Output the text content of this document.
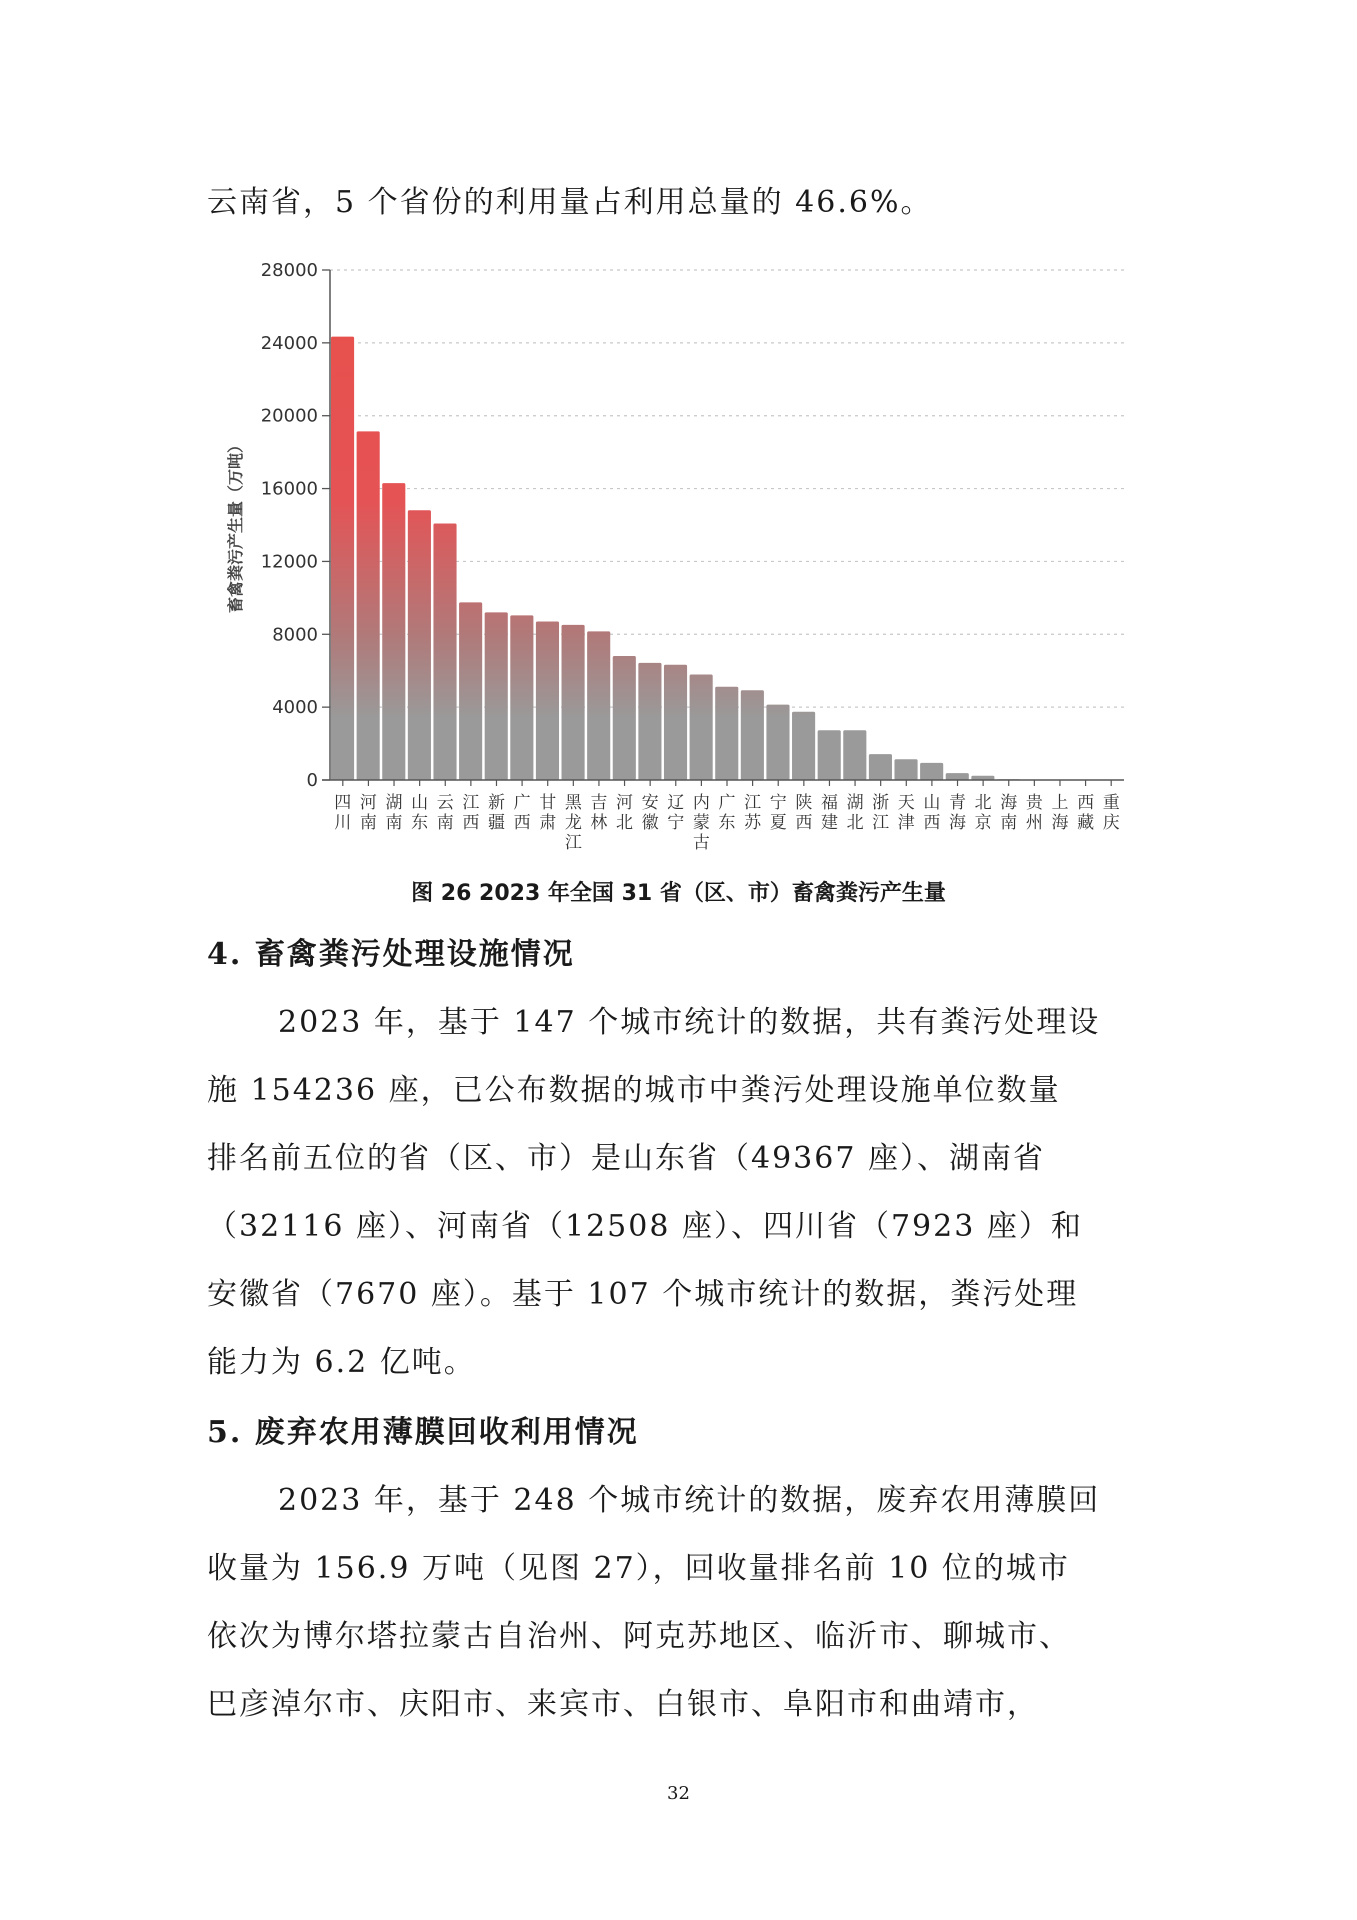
云南省，5 个省份的利用量占利用总量的 46.6%。
0
4000
8000
12000
16000
20000
24000
28000
四
川
河
南
湖
南
山
东
云
南
江
西
新
疆
广
西
甘
肃
黑
龙
江
吉
林
河
北
安
徽
辽
宁
内
蒙
古
广
东
江
苏
宁
夏
陕
西
福
建
湖
北
浙
江
天
津
山
西
青
海
北
京
海
南
贵
州
上
海
西
藏
重
庆
畜禽粪污产生量（万吨）
图 26 2023 年全国 31 省（区、市）畜禽粪污产生量
4. 畜禽粪污处理设施情况
2023 年，基于 147 个城市统计的数据，共有粪污处理设
施 154236 座，已公布数据的城市中粪污处理设施单位数量
排名前五位的省（区、市）是山东省（49367 座）、湖南省
（32116 座）、河南省（12508 座）、四川省（7923 座）和
安徽省（7670 座）。基于 107 个城市统计的数据，粪污处理
能力为 6.2 亿吨。
5. 废弃农用薄膜回收利用情况
2023 年，基于 248 个城市统计的数据，废弃农用薄膜回
收量为 156.9 万吨（见图 27），回收量排名前 10 位的城市
依次为博尔塔拉蒙古自治州、阿克苏地区、临沂市、聊城市、
巴彦淖尔市、庆阳市、来宾市、白银市、阜阳市和曲靖市，
32
